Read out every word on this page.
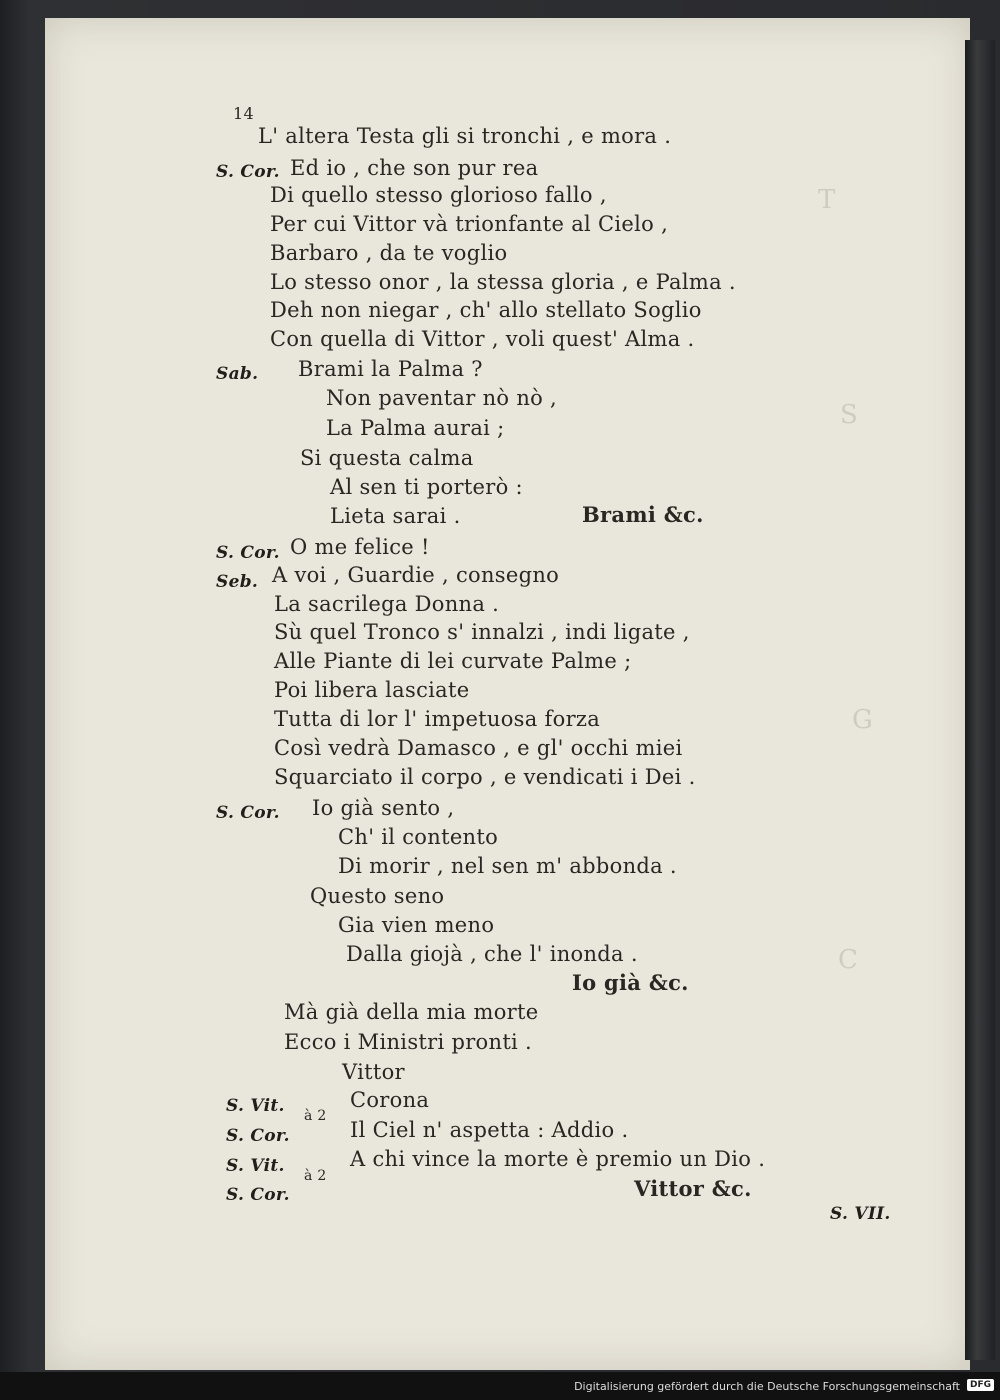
T
S
G
C
14
L' altera Testa gli si tronchi , e mora .
S. Cor. Ed io , che son pur rea
Di quello stesso glorioso fallo ,
Per cui Vittor và trionfante al Cielo ,
Barbaro , da te voglio
Lo stesso onor , la stessa gloria , e Palma .
Deh non niegar , ch' allo stellato Soglio
Con quella di Vittor , voli quest' Alma .
Sab. Brami la Palma ?
Non paventar nò nò ,
La Palma aurai ;
Si questa calma
Al sen ti porterò :
Lieta sarai .	Brami &c.
S. Cor. O me felice !
Seb. A voi , Guardie , consegno
La sacrilega Donna .
Sù quel Tronco s' innalzi , indi ligate ,
Alle Piante di lei curvate Palme ;
Poi libera lasciate
Tutta di lor l' impetuosa forza
Così vedrà Damasco , e gl' occhi miei
Squarciato il corpo , e vendicati i Dei .
S. Cor. Io già sento ,
Ch' il contento
Di morir , nel sen m' abbonda .
Questo seno
Gia vien meno
Dalla giojà , che l' inonda .
Io già &c.
Mà già della mia morte
Ecco i Ministri pronti .
Vittor
S. Vit. à 2
Corona
S. Cor.	Il Ciel n' aspetta : Addio .
S. Vit. à 2
A chi vince la morte è premio un Dio .
S. Cor.	Vittor &c.
S. VII.
Digitalisierung gefördert durch die Deutsche Forschungsgemeinschaft	DFG
